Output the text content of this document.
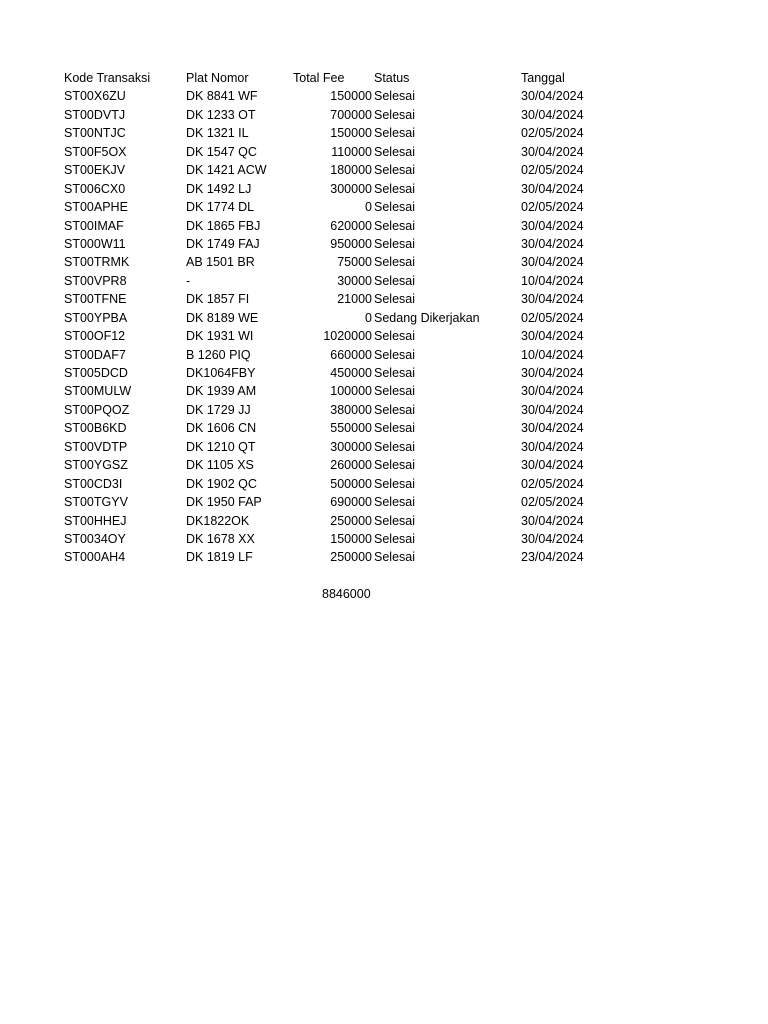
Kode Transaksi	Plat Nomor	Total Fee Status	Tanggal
ST00X6ZU	DK 8841 WF	150000 Selesai	30/04/2024
ST00DVTJ	DK 1233 OT	700000 Selesai	30/04/2024
ST00NTJC	DK 1321 IL	150000 Selesai	02/05/2024
ST00F5OX	DK 1547 QC	110000 Selesai	30/04/2024
ST00EKJV	DK 1421 ACW	180000 Selesai	02/05/2024
ST006CX0	DK 1492 LJ	300000 Selesai	30/04/2024
ST00APHE	DK 1774 DL	0 Selesai	02/05/2024
ST00IMAF	DK 1865 FBJ	620000 Selesai	30/04/2024
ST000W11	DK 1749 FAJ	950000 Selesai	30/04/2024
ST00TRMK	AB 1501 BR	75000 Selesai	30/04/2024
ST00VPR8	-	30000 Selesai	10/04/2024
ST00TFNE	DK 1857 FI	21000 Selesai	30/04/2024
ST00YPBA	DK 8189 WE	0 Sedang Dikerjakan	02/05/2024
ST00OF12	DK 1931 WI	1020000 Selesai	30/04/2024
ST00DAF7	B 1260 PIQ	660000 Selesai	10/04/2024
ST005DCD	DK1064FBY	450000 Selesai	30/04/2024
ST00MULW	DK 1939 AM	100000 Selesai	30/04/2024
ST00PQOZ	DK 1729 JJ	380000 Selesai	30/04/2024
ST00B6KD	DK 1606 CN	550000 Selesai	30/04/2024
ST00VDTP	DK 1210 QT	300000 Selesai	30/04/2024
ST00YGSZ	DK 1105 XS	260000 Selesai	30/04/2024
ST00CD3I	DK 1902 QC	500000 Selesai	02/05/2024
ST00TGYV	DK 1950 FAP	690000 Selesai	02/05/2024
ST00HHEJ	DK1822OK	250000 Selesai	30/04/2024
ST0034OY	DK 1678 XX	150000 Selesai	30/04/2024
ST000AH4	DK 1819 LF	250000 Selesai	23/04/2024
8846000
